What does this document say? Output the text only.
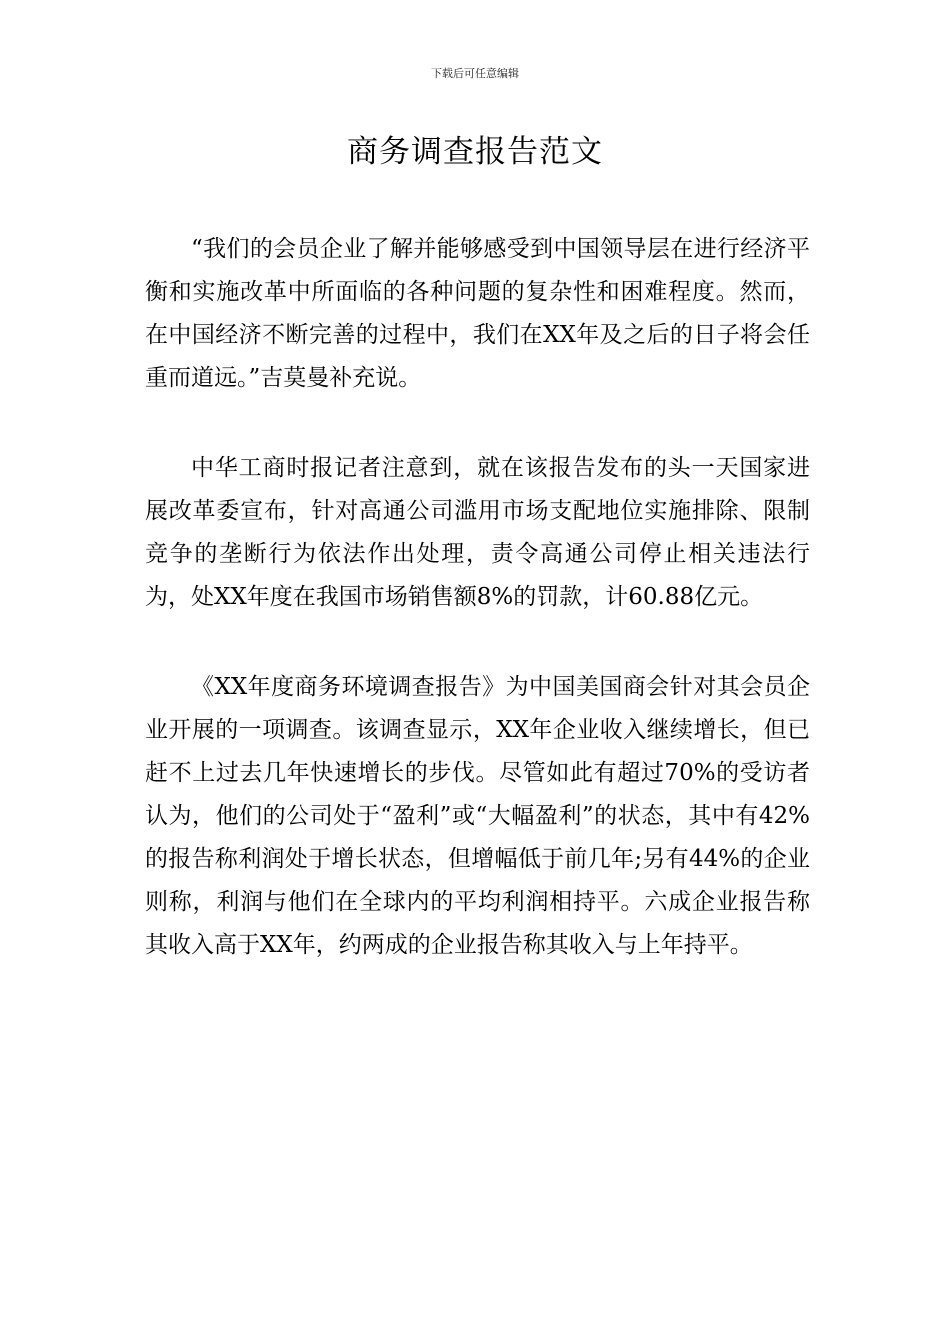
下载后可任意编辑
商务调查报告范文

“我们的会员企业了解并能够感受到中国领导层在进行经济平衡和实施改革中所面临的各种问题的复杂性和困难程度。然而，在中国经济不断完善的过程中，我们在XX年及之后的日子将会任重而道远。”吉莫曼补充说。

中华工商时报记者注意到，就在该报告发布的头一天国家进展改革委宣布，针对高通公司滥用市场支配地位实施排除、限制竞争的垄断行为依法作出处理，责令高通公司停止相关违法行为，处XX年度在我国市场销售额8%的罚款，计60.88亿元。

《XX年度商务环境调查报告》为中国美国商会针对其会员企业开展的一项调查。该调查显示，XX年企业收入继续增长，但已赶不上过去几年快速增长的步伐。尽管如此有超过70%的受访者认为，他们的公司处于“盈利”或“大幅盈利”的状态，其中有42%的报告称利润处于增长状态，但增幅低于前几年;另有44%的企业则称，利润与他们在全球内的平均利润相持平。六成企业报告称其收入高于XX年，约两成的企业报告称其收入与上年持平。
